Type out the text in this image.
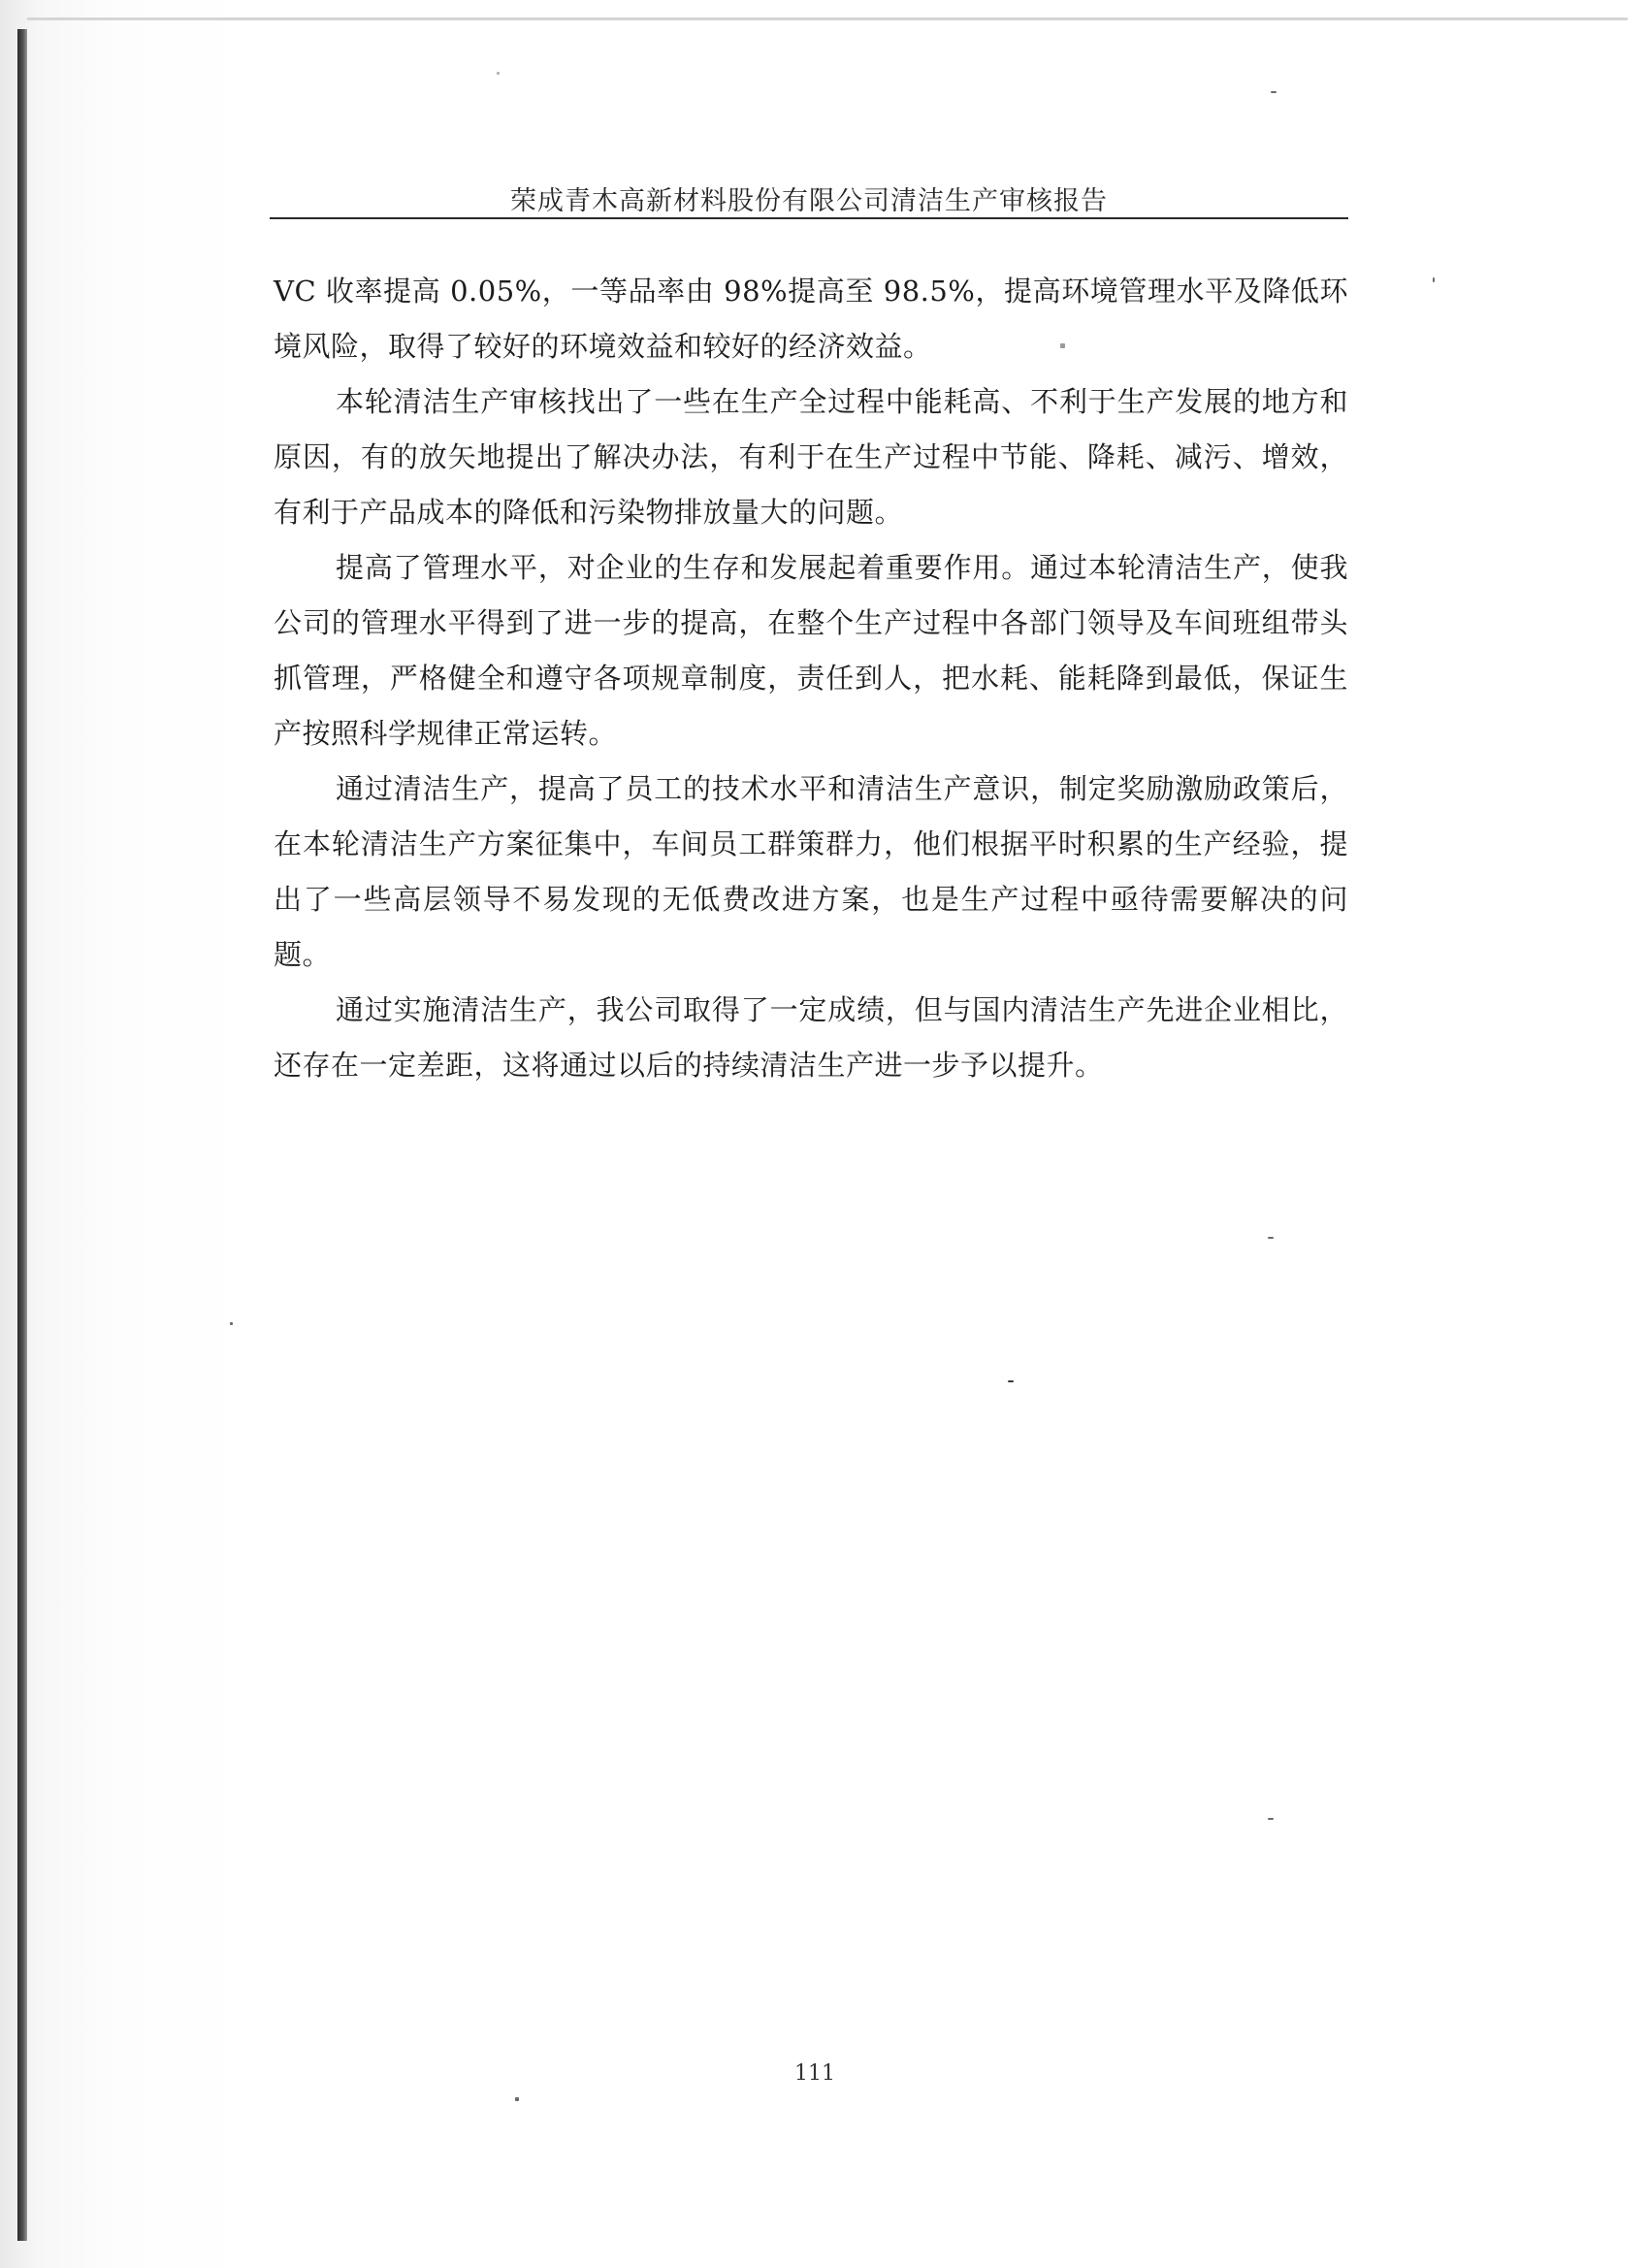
荣成青木高新材料股份有限公司清洁生产审核报告

VC 收率提高 0.05%，一等品率由 98%提高至 98.5%，提高环境管理水平及降低环境风险，取得了较好的环境效益和较好的经济效益。

本轮清洁生产审核找出了一些在生产全过程中能耗高、不利于生产发展的地方和原因，有的放矢地提出了解决办法，有利于在生产过程中节能、降耗、减污、增效，有利于产品成本的降低和污染物排放量大的问题。

提高了管理水平，对企业的生存和发展起着重要作用。通过本轮清洁生产，使我公司的管理水平得到了进一步的提高，在整个生产过程中各部门领导及车间班组带头抓管理，严格健全和遵守各项规章制度，责任到人，把水耗、能耗降到最低，保证生产按照科学规律正常运转。

通过清洁生产，提高了员工的技术水平和清洁生产意识，制定奖励激励政策后，在本轮清洁生产方案征集中，车间员工群策群力，他们根据平时积累的生产经验，提出了一些高层领导不易发现的无低费改进方案，也是生产过程中亟待需要解决的问题。

通过实施清洁生产，我公司取得了一定成绩，但与国内清洁生产先进企业相比，还存在一定差距，这将通过以后的持续清洁生产进一步予以提升。

111
